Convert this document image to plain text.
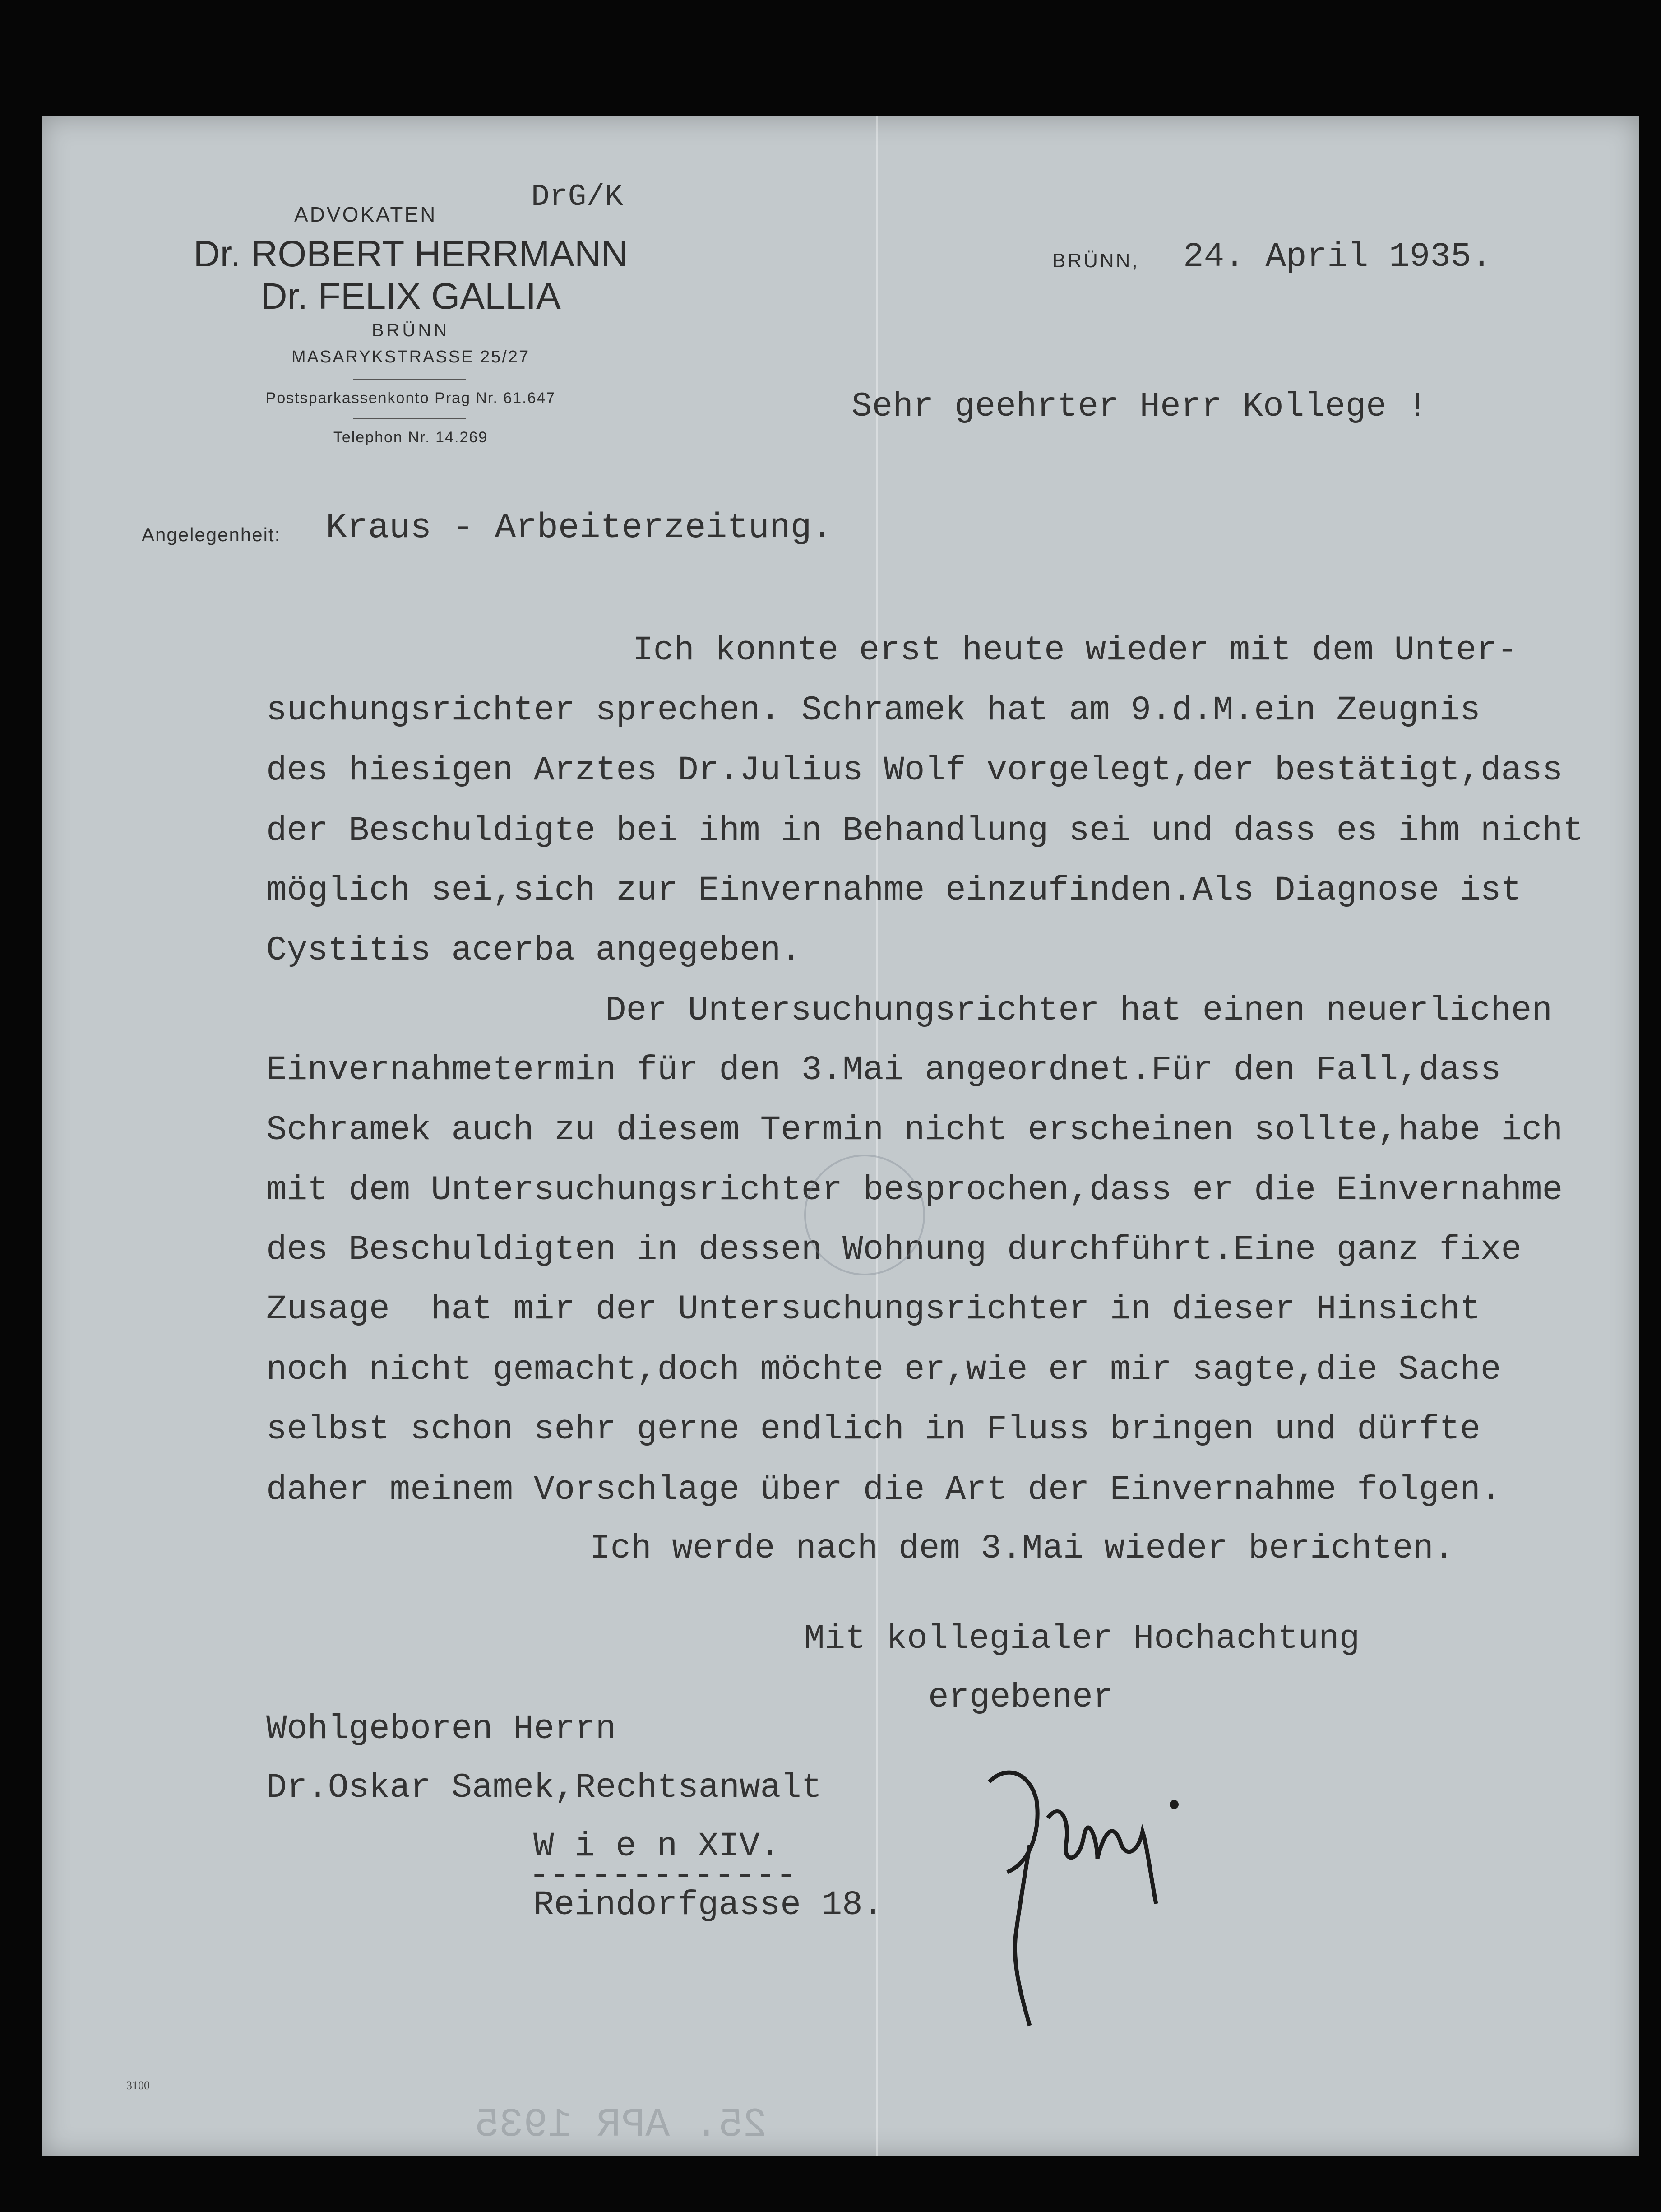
ADVOKATEN	DrG/K
Dr. ROBERT HERRMANN
Dr. FELIX GALLIA
BRÜNN
MASARYKSTRASSE 25/27
Postsparkassenkonto Prag Nr. 61.647
Telephon Nr. 14.269
BRÜNN, 24. April 1935.
Sehr geehrter Herr Kollege !
Angelegenheit: Kraus - Arbeiterzeitung.
Ich konnte erst heute wieder mit dem Unter-
suchungsrichter sprechen. Schramek hat am 9.d.M.ein Zeugnis
des hiesigen Arztes Dr.Julius Wolf vorgelegt,der bestätigt,dass
der Beschuldigte bei ihm in Behandlung sei und dass es ihm nicht
möglich sei,sich zur Einvernahme einzufinden.Als Diagnose ist
Cystitis acerba angegeben.
Der Untersuchungsrichter hat einen neuerlichen
Einvernahmetermin für den 3.Mai angeordnet.Für den Fall,dass
Schramek auch zu diesem Termin nicht erscheinen sollte,habe ich
mit dem Untersuchungsrichter besprochen,dass er die Einvernahme
des Beschuldigten in dessen Wohnung durchführt.Eine ganz fixe
Zusage  hat mir der Untersuchungsrichter in dieser Hinsicht
noch nicht gemacht,doch möchte er,wie er mir sagte,die Sache
selbst schon sehr gerne endlich in Fluss bringen und dürfte
daher meinem Vorschlage über die Art der Einvernahme folgen.
Ich werde nach dem 3.Mai wieder berichten.
Mit kollegialer Hochachtung
ergebener
Wohlgeboren Herrn
Dr.Oskar Samek,Rechtsanwalt
W i e n XIV.
-------------
Reindorfgasse 18.
25. APR 1935
3100
